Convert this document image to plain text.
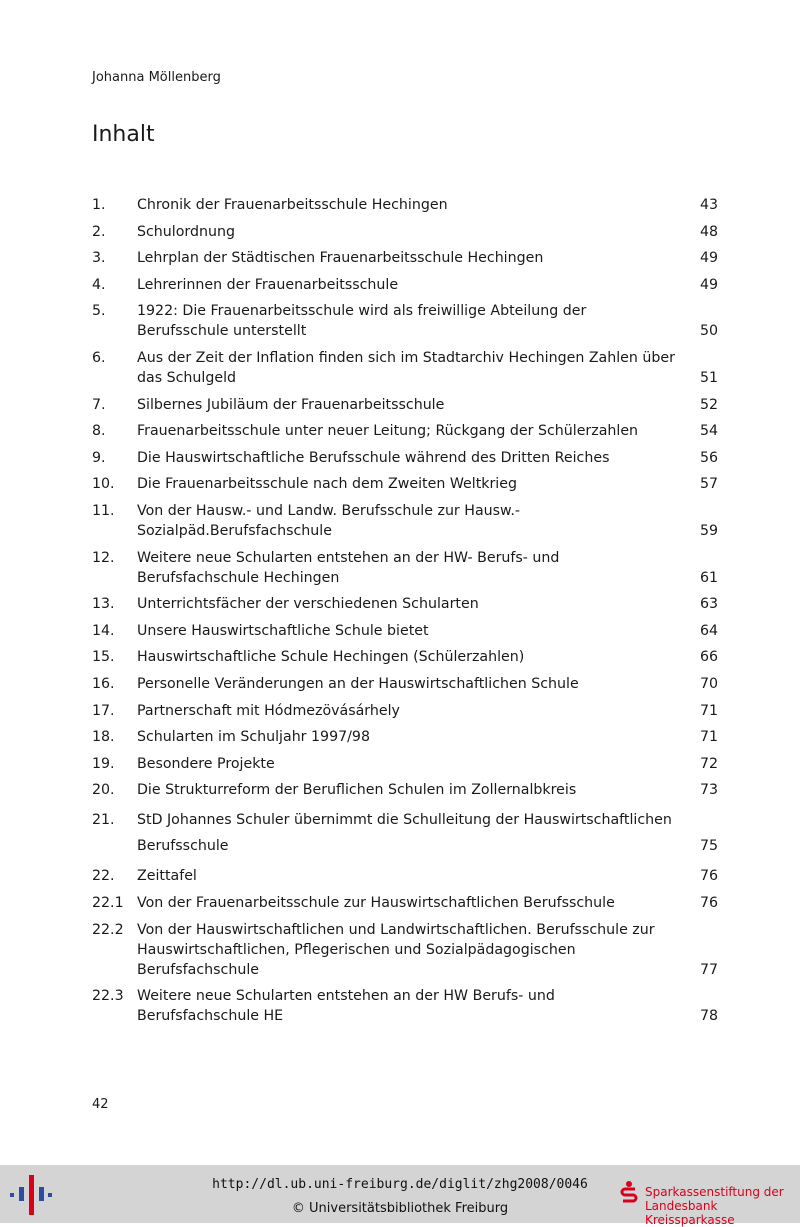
Johanna Möllenberg
Inhalt
1. Chronik der Frauenarbeitsschule Hechingen	43
2. Schulordnung	48
3. Lehrplan der Städtischen Frauenarbeitsschule Hechingen	49
4. Lehrerinnen der Frauenarbeitsschule	49
5. 1922: Die Frauenarbeitsschule wird als freiwillige Abteilung der Berufsschule unterstellt	50
6. Aus der Zeit der Inflation finden sich im Stadtarchiv Hechingen Zahlen über das Schulgeld	51
7. Silbernes Jubiläum der Frauenarbeitsschule	52
8. Frauenarbeitsschule unter neuer Leitung; Rückgang der Schülerzahlen	54
9. Die Hauswirtschaftliche Berufsschule während des Dritten Reiches	56
10. Die Frauenarbeitsschule nach dem Zweiten Weltkrieg	57
11. Von der Hausw.- und Landw. Berufsschule zur Hausw.-Sozialpäd.Berufsfachschule	59
12. Weitere neue Schularten entstehen an der HW- Berufs- und Berufsfachschule Hechingen	61
13. Unterrichtsfächer der verschiedenen Schularten	63
14. Unsere Hauswirtschaftliche Schule bietet	64
15. Hauswirtschaftliche Schule Hechingen (Schülerzahlen)	66
16. Personelle Veränderungen an der Hauswirtschaftlichen Schule	70
17. Partnerschaft mit Hódmezövásárhely	71
18. Schularten im Schuljahr 1997/98	71
19. Besondere Projekte	72
20. Die Strukturreform der Beruflichen Schulen im Zollernalbkreis	73
21. StD Johannes Schuler übernimmt die Schulleitung der Hauswirtschaftlichen Berufsschule	75
22. Zeittafel	76
22.1 Von der Frauenarbeitsschule zur Hauswirtschaftlichen Berufsschule	76
22.2 Von der Hauswirtschaftlichen und Landwirtschaftlichen. Berufsschule zur Hauswirtschaftlichen, Pflegerischen und Sozialpädagogischen Berufsfachschule	77
22.3 Weitere neue Schularten entstehen an der HW Berufs- und Berufsfachschule HE	78
42
http://dl.ub.uni-freiburg.de/diglit/zhg2008/0046
© Universitätsbibliothek Freiburg
Sparkassenstiftung der
Landesbank Kreissparkasse
